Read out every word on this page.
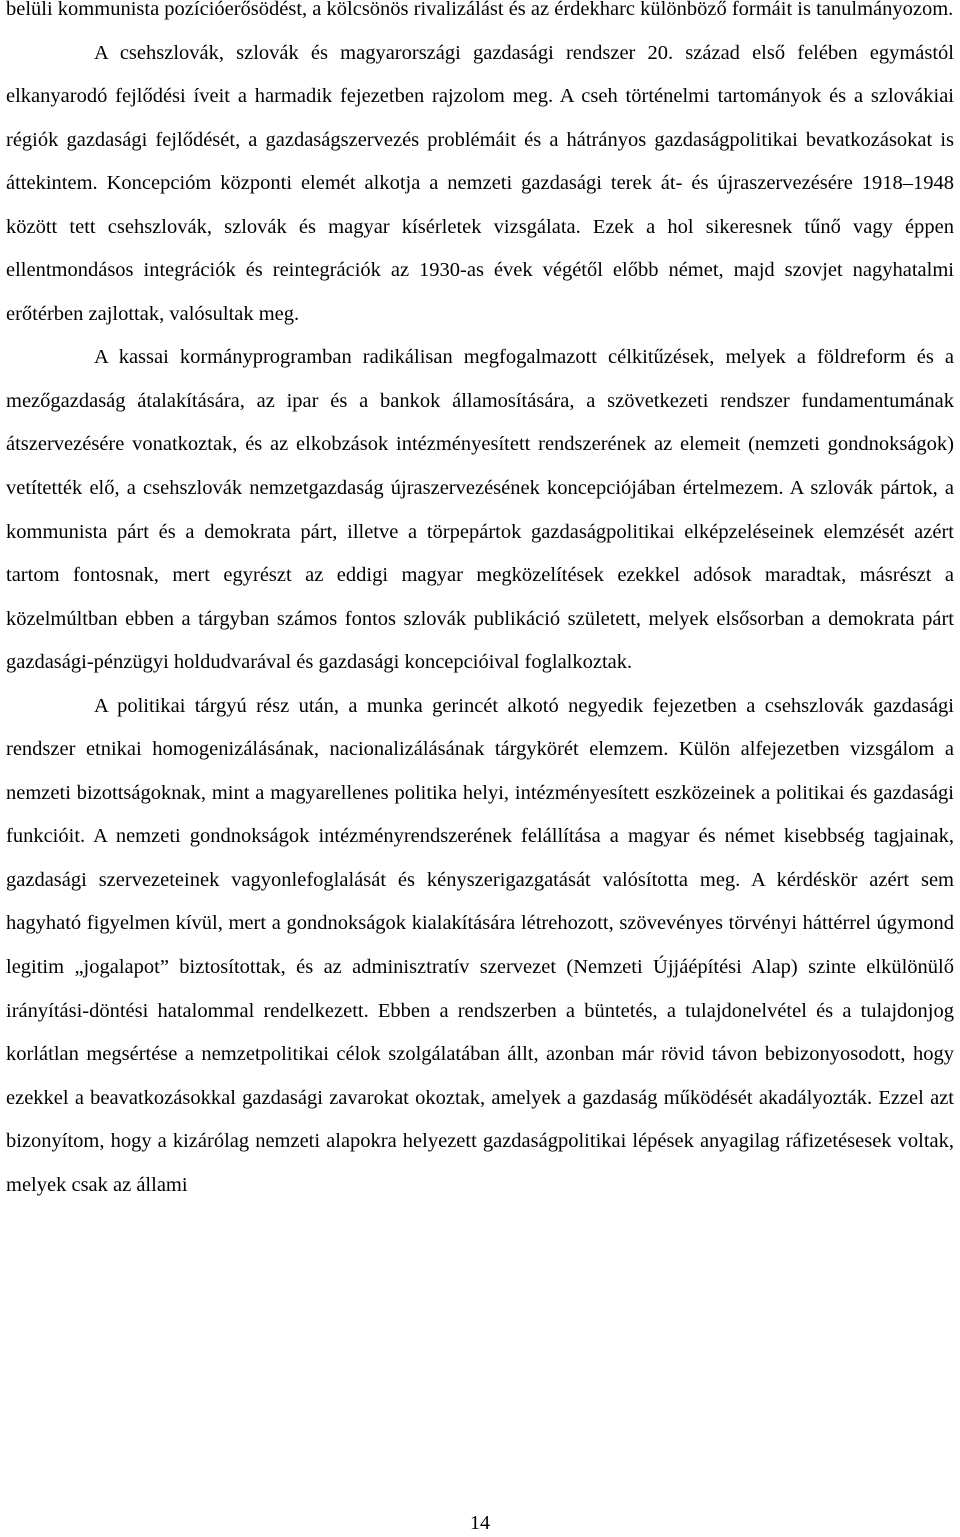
belüli kommunista pozícióerősödést, a kölcsönös rivalizálást és az érdekharc különböző formáit is tanulmányozom.

A csehszlovák, szlovák és magyarországi gazdasági rendszer 20. század első felében egymástól elkanyarodó fejlődési íveit a harmadik fejezetben rajzolom meg. A cseh történelmi tartományok és a szlovákiai régiók gazdasági fejlődését, a gazdaságszervezés problémáit és a hátrányos gazdaságpolitikai bevatkozásokat is áttekintem. Koncepcióm központi elemét alkotja a nemzeti gazdasági terek át- és újraszervezésére 1918–1948 között tett csehszlovák, szlovák és magyar kísérletek vizsgálata. Ezek a hol sikeresnek tűnő vagy éppen ellentmondásos integrációk és reintegrációk az 1930-as évek végétől előbb német, majd szovjet nagyhatalmi erőtérben zajlottak, valósultak meg.

A kassai kormányprogramban radikálisan megfogalmazott célkitűzések, melyek a földreform és a mezőgazdaság átalakítására, az ipar és a bankok államosítására, a szövetkezeti rendszer fundamentumának átszervezésére vonatkoztak, és az elkobzások intézményesített rendszerének az elemeit (nemzeti gondnokságok) vetítették elő, a csehszlovák nemzetgazdaság újraszervezésének koncepciójában értelmezem. A szlovák pártok, a kommunista párt és a demokrata párt, illetve a törpepártok gazdaságpolitikai elképzeléseinek elemzését azért tartom fontosnak, mert egyrészt az eddigi magyar megközelítések ezekkel adósok maradtak, másrészt a közelmúltban ebben a tárgyban számos fontos szlovák publikáció született, melyek elsősorban a demokrata párt gazdasági-pénzügyi holdudvarával és gazdasági koncepcióival foglalkoztak.

A politikai tárgyú rész után, a munka gerincét alkotó negyedik fejezetben a csehszlovák gazdasági rendszer etnikai homogenizálásának, nacionalizálásának tárgykörét elemzem. Külön alfejezetben vizsgálom a nemzeti bizottságoknak, mint a magyarellenes politika helyi, intézményesített eszközeinek a politikai és gazdasági funkcióit. A nemzeti gondnokságok intézményrendszerének felállítása a magyar és német kisebbség tagjainak, gazdasági szervezeteinek vagyonlefoglalását és kényszerigazgatását valósította meg. A kérdéskör azért sem hagyható figyelmen kívül, mert a gondnokságok kialakítására létrehozott, szövevényes törvényi háttérrel úgymond legitim „jogalapot” biztosítottak, és az adminisztratív szervezet (Nemzeti Újjáépítési Alap) szinte elkülönülő irányítási-döntési hatalommal rendelkezett. Ebben a rendszerben a büntetés, a tulajdonelvétel és a tulajdonjog korlátlan megsértése a nemzetpolitikai célok szolgálatában állt, azonban már rövid távon bebizonyosodott, hogy ezekkel a beavatkozásokkal gazdasági zavarokat okoztak, amelyek a gazdaság működését akadályozták. Ezzel azt bizonyítom, hogy a kizárólag nemzeti alapokra helyezett gazdaságpolitikai lépések anyagilag ráfizetésesek voltak, melyek csak az állami

14
